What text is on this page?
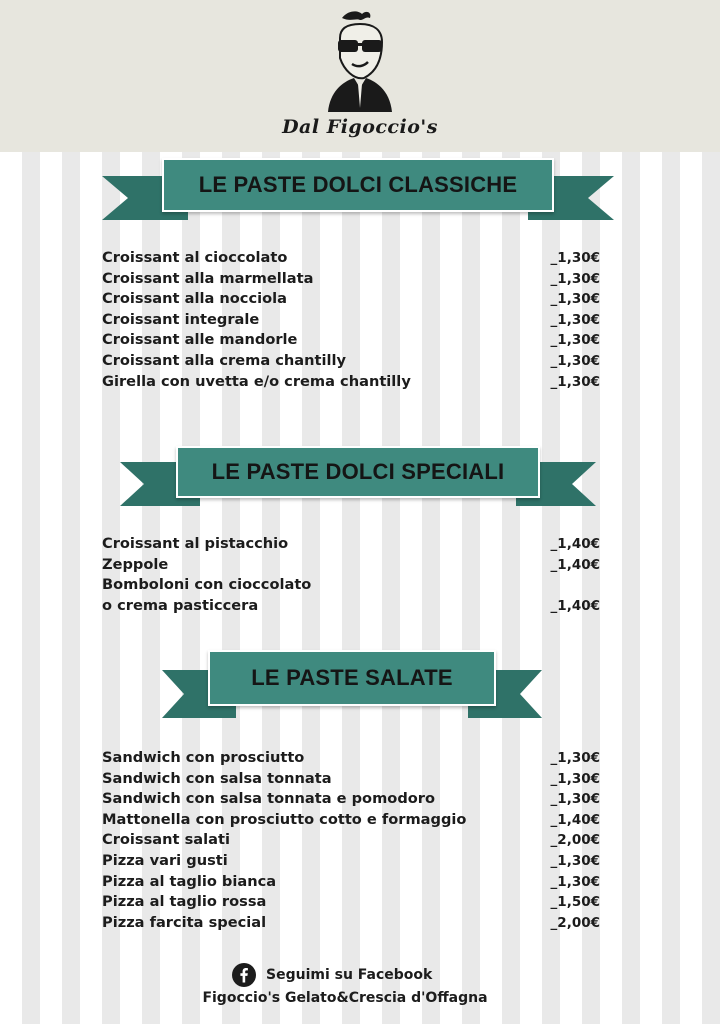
Dal Figoccio's
LE PASTE DOLCI CLASSICHE
Croissant al cioccolato	_1,30€
Croissant alla marmellata	_1,30€
Croissant alla nocciola	_1,30€
Croissant integrale	_1,30€
Croissant alle mandorle	_1,30€
Croissant alla crema chantilly	_1,30€
Girella con uvetta e/o crema chantilly	_1,30€
LE PASTE DOLCI SPECIALI
Croissant al pistacchio	_1,40€
Zeppole	_1,40€
Bomboloni con cioccolato
o crema pasticcera	_1,40€
LE PASTE SALATE
Sandwich con prosciutto	_1,30€
Sandwich con salsa tonnata	_1,30€
Sandwich con salsa tonnata e pomodoro	_1,30€
Mattonella con prosciutto cotto e formaggio	_1,40€
Croissant salati	_2,00€
Pizza vari gusti	_1,30€
Pizza al taglio bianca	_1,30€
Pizza al taglio rossa	_1,50€
Pizza farcita special	_2,00€
Seguimi su Facebook
Figoccio's Gelato&Crescia d'Offagna
